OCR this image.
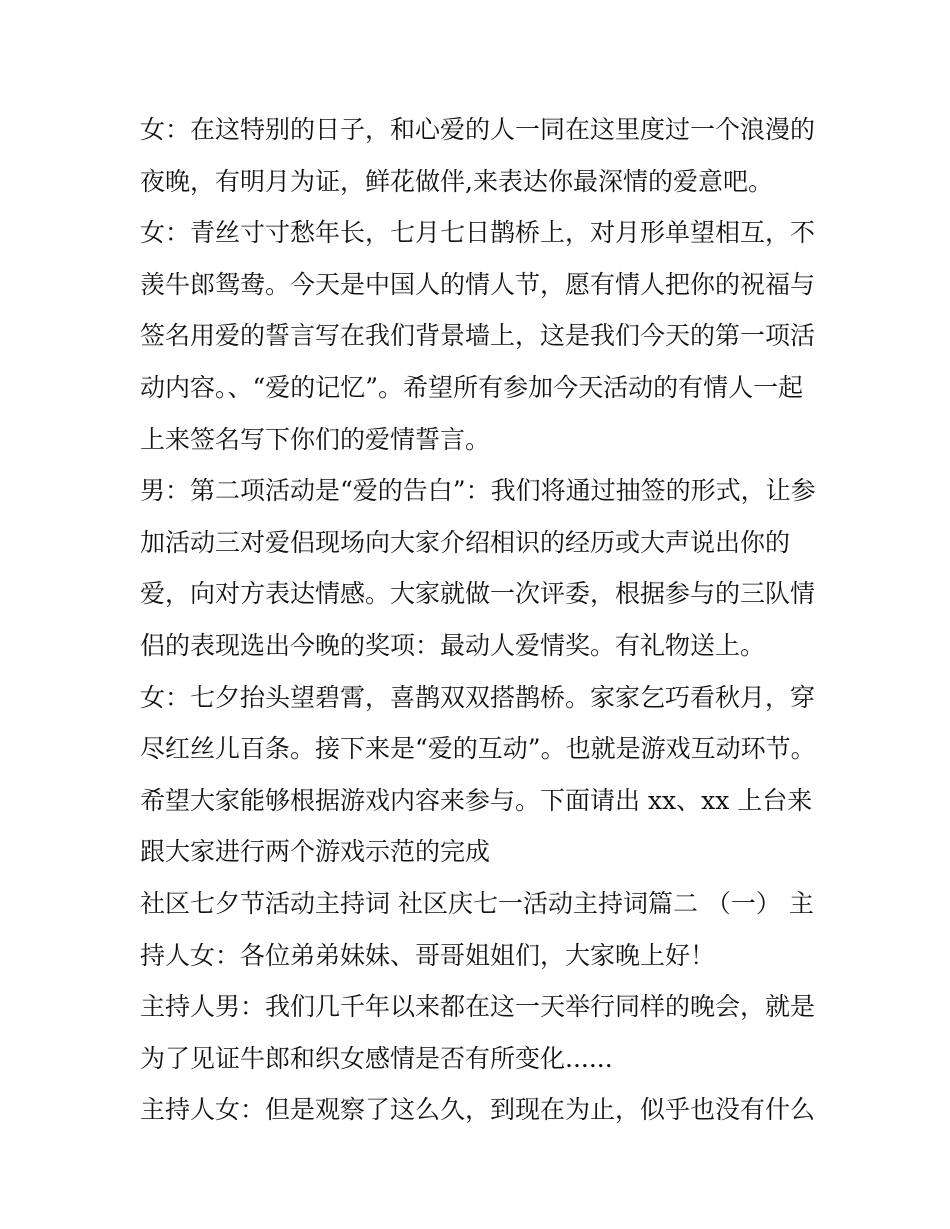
女：在这特别的日子，和心爱的人一同在这里度过一个浪漫的
夜晚，有明月为证，鲜花做伴,来表达你最深情的爱意吧。

女：青丝寸寸愁年长，七月七日鹊桥上，对月形单望相互，不
羡牛郎鸳鸯。今天是中国人的情人节，愿有情人把你的祝福与
签名用爱的誓言写在我们背景墙上，这是我们今天的第一项活
动内容。、“爱的记忆”。希望所有参加今天活动的有情人一起
上来签名写下你们的爱情誓言。

男：第二项活动是“爱的告白”：我们将通过抽签的形式，让参
加活动三对爱侣现场向大家介绍相识的经历或大声说出你的
爱，向对方表达情感。大家就做一次评委，根据参与的三队情
侣的表现选出今晚的奖项：最动人爱情奖。有礼物送上。

女：七夕抬头望碧霄，喜鹊双双搭鹊桥。家家乞巧看秋月，穿
尽红丝儿百条。接下来是“爱的互动”。也就是游戏互动环节。
希望大家能够根据游戏内容来参与。下面请出 xx、xx 上台来
跟大家进行两个游戏示范的完成

社区七夕节活动主持词 社区庆七一活动主持词篇二 （一） 主
持人女：各位弟弟妹妹、哥哥姐姐们，大家晚上好！

主持人男：我们几千年以来都在这一天举行同样的晚会，就是
为了见证牛郎和织女感情是否有所变化......

主持人女：但是观察了这么久，到现在为止，似乎也没有什么
